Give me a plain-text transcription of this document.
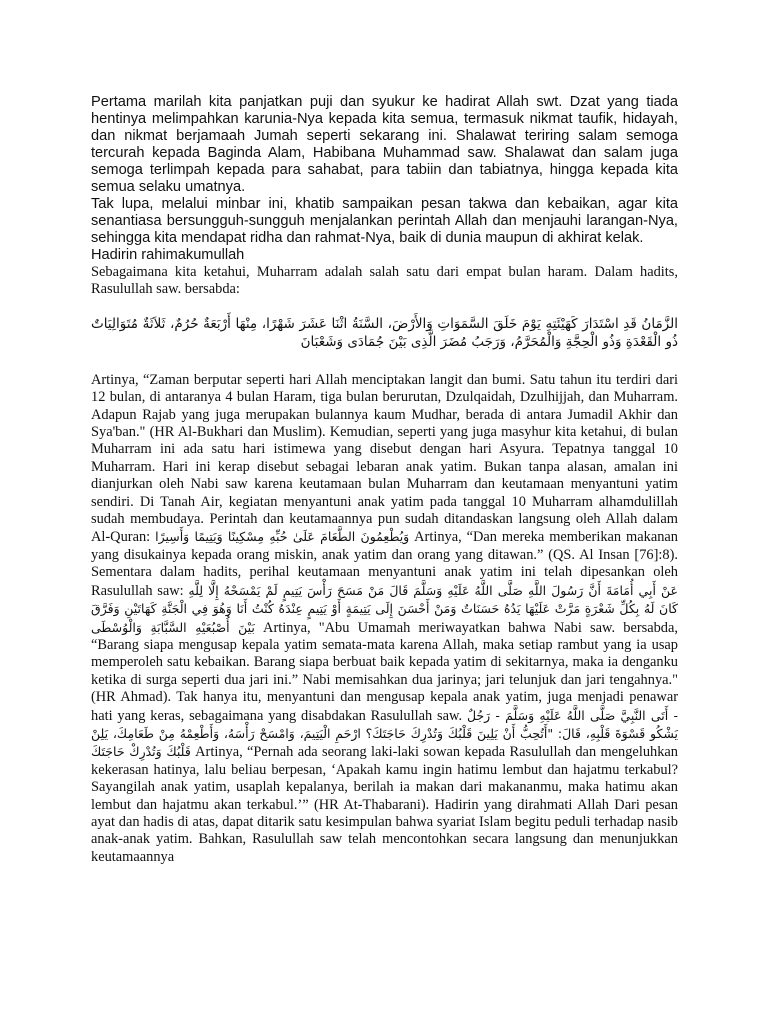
Pertama marilah kita panjatkan puji dan syukur ke hadirat Allah swt. Dzat yang tiada hentinya melimpahkan karunia-Nya kepada kita semua, termasuk nikmat taufik, hidayah, dan nikmat berjamaah Jumah seperti sekarang ini. Shalawat teriring salam semoga tercurah kepada Baginda Alam, Habibana Muhammad saw. Shalawat dan salam juga semoga terlimpah kepada para sahabat, para tabiin dan tabiatnya, hingga kepada kita semua selaku umatnya.

Tak lupa, melalui minbar ini, khatib sampaikan pesan takwa dan kebaikan, agar kita senantiasa bersungguh-sungguh menjalankan perintah Allah dan menjauhi larangan-Nya, sehingga kita mendapat ridha dan rahmat-Nya, baik di dunia maupun di akhirat kelak.

Hadirin rahimakumullah

Sebagaimana kita ketahui, Muharram adalah salah satu dari empat bulan haram. Dalam hadits, Rasulullah saw. bersabda:

الزَّمَانُ قَدِ اسْتَدَارَ كَهَيْئَتِهِ يَوْمَ خَلَقَ السَّمَوَاتِ وَالأَرْضَ، السَّنَةُ اثْنَا عَشَرَ شَهْرًا، مِنْهَا أَرْبَعَةٌ حُرُمٌ، ثَلاَثَةٌ مُتَوَالِيَاتٌ ذُو الْقَعْدَةِ وَذُو الْحِجَّةِ وَالْمُحَرَّمُ، وَرَجَبُ مُضَرَ الَّذِى بَيْنَ جُمَادَى وَشَعْبَانَ

Artinya, “Zaman berputar seperti hari Allah menciptakan langit dan bumi. Satu tahun itu terdiri dari 12 bulan, di antaranya 4 bulan Haram, tiga bulan berurutan, Dzulqaidah, Dzulhijjah, dan Muharram. Adapun Rajab yang juga merupakan bulannya kaum Mudhar, berada di antara Jumadil Akhir dan Sya'ban." (HR Al-Bukhari dan Muslim). Kemudian, seperti yang juga masyhur kita ketahui, di bulan Muharram ini ada satu hari istimewa yang disebut dengan hari Asyura. Tepatnya tanggal 10 Muharram. Hari ini kerap disebut sebagai lebaran anak yatim. Bukan tanpa alasan, amalan ini dianjurkan oleh Nabi saw karena keutamaan bulan Muharram dan keutamaan menyantuni yatim sendiri. Di Tanah Air, kegiatan menyantuni anak yatim pada tanggal 10 Muharram alhamdulillah sudah membudaya. Perintah dan keutamaannya pun sudah ditandaskan langsung oleh Allah dalam Al-Quran: وَيُطْعِمُونَ الطَّعَامَ عَلَىٰ حُبِّهِ مِسْكِينًا وَيَتِيمًا وَأَسِيرًا Artinya, “Dan mereka memberikan makanan yang disukainya kepada orang miskin, anak yatim dan orang yang ditawan.” (QS. Al Insan [76]:8). Sementara dalam hadits, perihal keutamaan menyantuni anak yatim ini telah dipesankan oleh Rasulullah saw: عَنْ أَبِي أُمَامَةَ أَنَّ رَسُولَ اللَّهِ صَلَّى اللَّهُ عَلَيْهِ وَسَلَّمَ قَالَ مَنْ مَسَحَ رَأْسَ يَتِيمٍ لَمْ يَمْسَحْهُ إِلَّا لِلَّهِ كَانَ لَهُ بِكُلِّ شَعْرَةٍ مَرَّتْ عَلَيْهَا يَدُهُ حَسَنَاتٌ وَمَنْ أَحْسَنَ إِلَى يَتِيمَةٍ أَوْ يَتِيمٍ عِنْدَهُ كُنْتُ أَنَا وَهُوَ فِي الْجَنَّةِ كَهَاتَيْنِ وَفَرَّقَ بَيْنَ أُصْبُعَيْهِ السَّبَّابَةِ وَالْوُسْطَى Artinya, "Abu Umamah meriwayatkan bahwa Nabi saw. bersabda, “Barang siapa mengusap kepala yatim semata-mata karena Allah, maka setiap rambut yang ia usap memperoleh satu kebaikan. Barang siapa berbuat baik kepada yatim di sekitarnya, maka ia denganku ketika di surga seperti dua jari ini.” Nabi memisahkan dua jarinya; jari telunjuk dan jari tengahnya." (HR Ahmad). Tak hanya itu, menyantuni dan mengusap kepala anak yatim, juga menjadi penawar hati yang keras, sebagaimana yang disabdakan Rasulullah saw. - أَتَى النَّبِيَّ صَلَّى اللَّهُ عَلَيْهِ وَسَلَّمَ - رَجُلٌ يَشْكُو قَسْوَةَ قَلْبِهِ، قَالَ: "أَتُحِبُّ أَنْ يَلِينَ قَلْبُكَ وَتُدْرِكَ حَاجَتَكَ؟ ارْحَمِ الْيَتِيمَ، وَامْسَحْ رَأْسَهُ، وَأَطْعِمْهُ مِنْ طَعَامِكَ، يَلِنْ قَلْبُكَ وَتُدْرِكْ حَاجَتَكَ Artinya, “Pernah ada seorang laki-laki sowan kepada Rasulullah dan mengeluhkan kekerasan hatinya, lalu beliau berpesan, ‘Apakah kamu ingin hatimu lembut dan hajatmu terkabul? Sayangilah anak yatim, usaplah kepalanya, berilah ia makan dari makananmu, maka hatimu akan lembut dan hajatmu akan terkabul.’” (HR At-Thabarani). Hadirin yang dirahmati Allah Dari pesan ayat dan hadis di atas, dapat ditarik satu kesimpulan bahwa syariat Islam begitu peduli terhadap nasib anak-anak yatim. Bahkan, Rasulullah saw telah mencontohkan secara langsung dan menunjukkan keutamaannya
